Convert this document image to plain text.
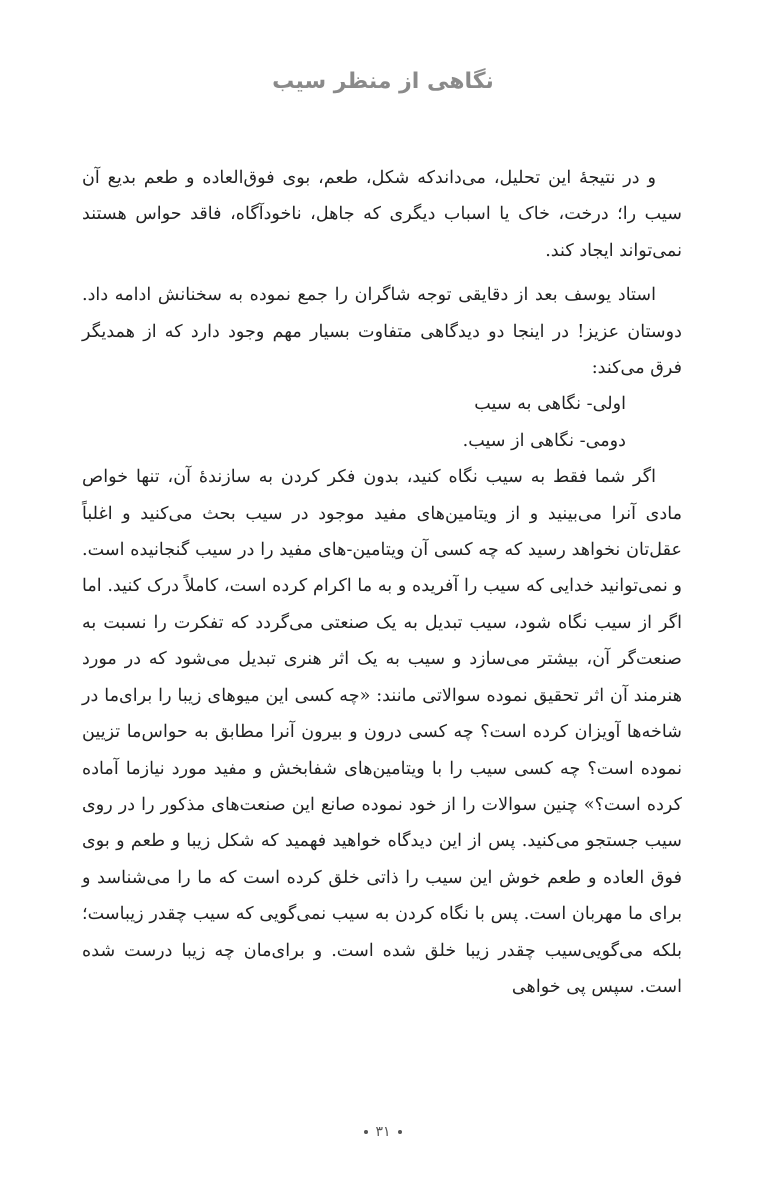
نگاهی از منظر سیب

و در نتیجهٔ این تحلیل، می‌داندکه شکل، طعم، بوی فوق‌العاده و طعم بدیع آن سیب را؛ درخت، خاک یا اسباب دیگری که جاهل، ناخودآگاه، فاقد حواس هستند نمی‌تواند ایجاد کند.

استاد یوسف بعد از دقایقی توجه شاگران را جمع نموده به سخنانش ادامه داد. دوستان عزیز! در اینجا دو دیدگاهی متفاوت بسیار مهم وجود دارد که از همدیگر فرق می‌کند:

اولی- نگاهی به سیب

دومی- نگاهی از سیب.

اگر شما فقط به سیب نگاه کنید، بدون فکر کردن به سازندهٔ آن، تنها خواص مادی آنرا می‌بینید و از ویتامین‌های مفید موجود در سیب بحث می‌کنید و اغلباً عقل‌تان نخواهد رسید که چه کسی آن ویتامین-های مفید را در سیب گنجانیده است. و نمی‌توانید خدایی که سیب را آفریده و به ما اکرام کرده است، کاملاً درک کنید. اما اگر از سیب نگاه شود، سیب تبدیل به یک صنعتی می‌گردد که تفکرت را نسبت به صنعت‌گر آن، بیشتر می‌سازد و سیب به یک اثر هنری تبدیل می‌شود که در مورد هنرمند آن اثر تحقیق نموده سوالاتی مانند: «چه کسی این میوهای زیبا را برای‌ما در شاخه‌ها آویزان کرده است؟ چه کسی درون و بیرون آنرا مطابق به حواس‌ما تزیین نموده است؟ چه کسی سیب را با ویتامین‌های شفابخش و مفید مورد نیازما آماده کرده است؟» چنین سوالات را از خود نموده صانع این صنعت‌های مذکور را در روی سیب جستجو می‌کنید. پس از این دیدگاه خواهید فهمید که شکل زیبا و طعم و بوی فوق العاده و طعم خوش این سیب را ذاتی خلق کرده است که ما را می‌شناسد و برای ما مهربان است. پس با نگاه کردن به سیب نمی‌گویی که سیب چقدر زیباست؛ بلکه می‌گویی‌سیب چقدر زیبا خلق شده است. و برای‌مان چه زیبا درست شده است. سپس پی خواهی

۳۱
